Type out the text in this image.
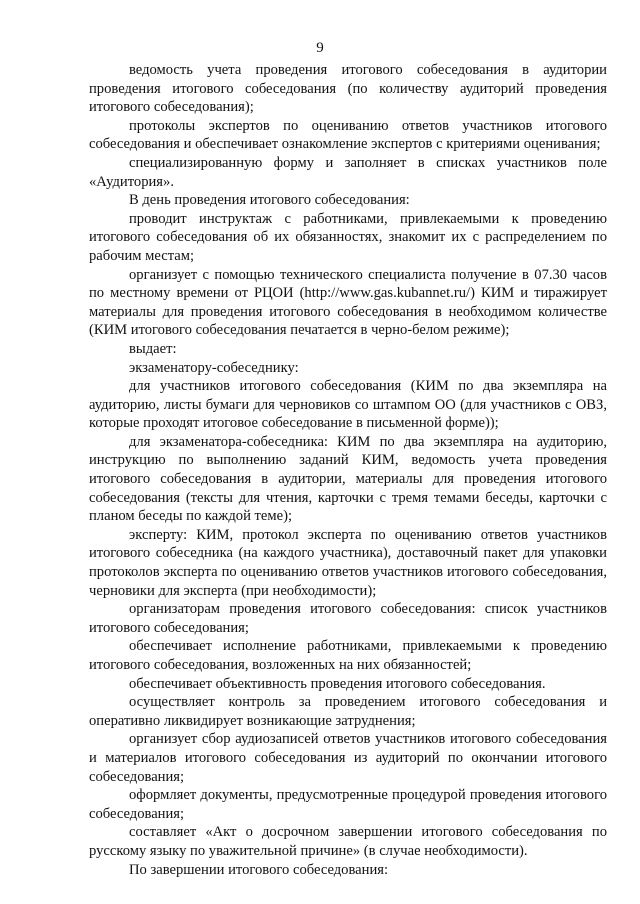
9

ведомость учета проведения итогового собеседования в аудитории проведения итогового собеседования (по количеству аудиторий проведения итогового собеседования);

протоколы экспертов по оцениванию ответов участников итогового собеседования и обеспечивает ознакомление экспертов с критериями оценивания;

специализированную форму и заполняет в списках участников поле «Аудитория».

В день проведения итогового собеседования:

проводит инструктаж с работниками, привлекаемыми к проведению итогового собеседования об их обязанностях, знакомит их с распределением по рабочим местам;

организует с помощью технического специалиста получение в 07.30 часов по местному времени от РЦОИ (http://www.gas.kubannet.ru/) КИМ и тиражирует материалы для проведения итогового собеседования в необходимом количестве (КИМ итогового собеседования печатается в черно-белом режиме);

выдает:

экзаменатору-собеседнику:

для участников итогового собеседования (КИМ по два экземпляра на аудиторию, листы бумаги для черновиков со штампом ОО (для участников с ОВЗ, которые проходят итоговое собеседование в письменной форме));

для экзаменатора-собеседника: КИМ по два экземпляра на аудиторию, инструкцию по выполнению заданий КИМ, ведомость учета проведения итогового собеседования в аудитории, материалы для проведения итогового собеседования (тексты для чтения, карточки с тремя темами беседы, карточки с планом беседы по каждой теме);

эксперту: КИМ, протокол эксперта по оцениванию ответов участников итогового собеседника (на каждого участника), доставочный пакет для упаковки протоколов эксперта по оцениванию ответов участников итогового собеседования, черновики для эксперта (при необходимости);

организаторам проведения итогового собеседования: список участников итогового собеседования;

обеспечивает исполнение работниками, привлекаемыми к проведению итогового собеседования, возложенных на них обязанностей;

обеспечивает объективность проведения итогового собеседования.

осуществляет контроль за проведением итогового собеседования и оперативно ликвидирует возникающие затруднения;

организует сбор аудиозаписей ответов участников итогового собеседования и материалов итогового собеседования из аудиторий по окончании итогового собеседования;

оформляет документы, предусмотренные процедурой проведения итогового собеседования;

составляет «Акт о досрочном завершении итогового собеседования по русскому языку по уважительной причине» (в случае необходимости).

По завершении итогового собеседования:
